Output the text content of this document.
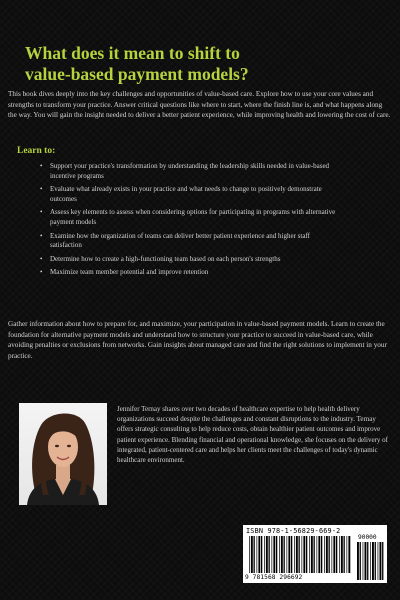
What does it mean to shift to
value-based payment models?

This book dives deeply into the key challenges and opportunities of value-based care. Explore how to use your core values and strengths to transform your practice. Answer critical questions like where to start, where the finish line is, and what happens along the way. You will gain the insight needed to deliver a better patient experience, while improving health and lowering the cost of care.

Learn to:
• Support your practice's transformation by understanding the leadership skills needed in value-based incentive programs
• Evaluate what already exists in your practice and what needs to change to positively demonstrate outcomes
• Assess key elements to assess when considering options for participating in programs with alternative payment models
• Examine how the organization of teams can deliver better patient experience and higher staff satisfaction
• Determine how to create a high-functioning team based on each person's strengths
• Maximize team member potential and improve retention

Gather information about how to prepare for, and maximize, your participation in value-based payment models. Learn to create the foundation for alternative payment models and understand how to structure your practice to succeed in value-based care, while avoiding penalties or exclusions from networks. Gain insights about managed care and find the right solutions to implement in your practice.

Jennifer Ternay shares over two decades of healthcare expertise to help health delivery organizations succeed despite the challenges and constant disruptions to the industry. Ternay offers strategic consulting to help reduce costs, obtain healthier patient outcomes and improve patient experience. Blending financial and operational knowledge, she focuses on the delivery of integrated, patient-centered care and helps her clients meet the challenges of today's dynamic healthcare environment.

ISBN 978-1-56829-669-2
90000
9 781568 296692
